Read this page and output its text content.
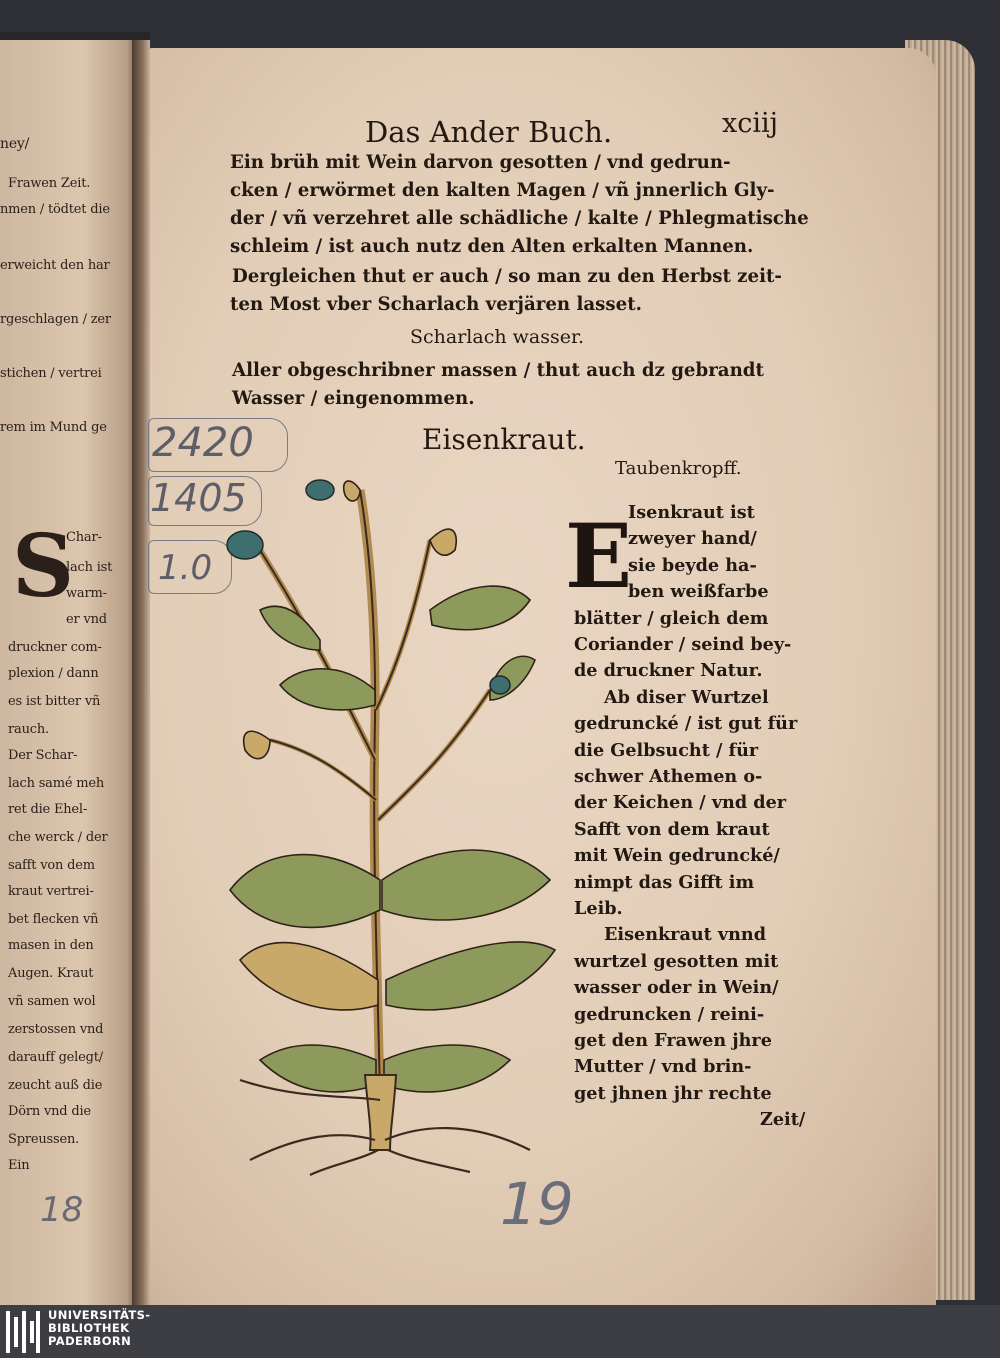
ney/
Frawen Zeit.
nmen / tödtet die
erweicht den har
rgeschlagen / zer
stichen / vertrei
rem im Mund ge
S
Char-
lach ist
warm-
er vnd
druckner com-
plexion / dann
es ist bitter vñ
rauch.
Der Schar-
lach samé meh
ret die Ehel-
che werck / der
safft von dem
kraut vertrei-
bet flecken vñ
masen in den
Augen. Kraut
vñ samen wol
zerstossen vnd
darauff gelegt/
zeucht auß die
Dörn vnd die
Spreussen.
Ein
18
Das Ander Buch.	xciij
Ein brüh mit Wein darvon gesotten / vnd gedrun-
cken / erwörmet den kalten Magen / vñ jnnerlich Gly-
der / vñ verzehret alle schädliche / kalte / Phlegmatische
schleim / ist auch nutz den Alten erkalten Mannen.
Dergleichen thut er auch / so man zu den Herbst zeit-
ten Most vber Scharlach verjären lasset.
Scharlach wasser.
Aller obgeschribner massen / thut auch dz gebrandt
Wasser / eingenommen.
Eisenkraut.
Taubenkropff.
E
Isenkraut ist
zweyer hand/
sie beyde ha-
ben weißfarbe
blätter / gleich dem
Coriander / seind bey-
de druckner Natur.
Ab diser Wurtzel
gedruncké / ist gut für
die Gelbsucht / für
schwer Athemen o-
der Keichen / vnd der
Safft von dem kraut
mit Wein gedruncké/
nimpt das Gifft im
Leib.
Eisenkraut vnnd
wurtzel gesotten mit
wasser oder in Wein/
gedruncken / reini-
get den Frawen jhre
Mutter / vnd brin-
get jhnen jhr rechte
Zeit/
2420
1405
1.0
19
UNIVERSITÄTS-
BIBLIOTHEK
PADERBORN
